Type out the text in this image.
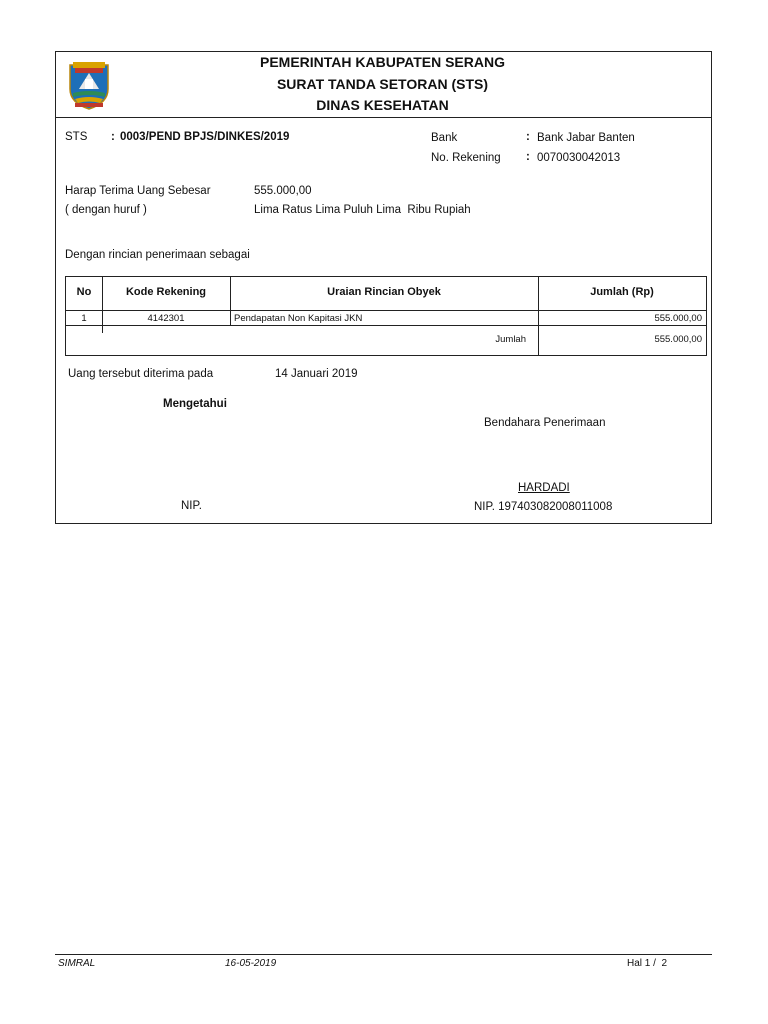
PEMERINTAH KABUPATEN SERANG
SURAT TANDA SETORAN (STS)
DINAS KESEHATAN
STS : 0003/PEND BPJS/DINKES/2019	Bank	: Bank Jabar Banten
No. Rekening : 0070030042013
Harap Terima Uang Sebesar	555.000,00
( dengan huruf )	Lima Ratus Lima Puluh Lima  Ribu Rupiah
Dengan rincian penerimaan sebagai
No	Kode Rekening	Uraian Rincian Obyek	Jumlah (Rp)
1	4142301	Pendapatan Non Kapitasi JKN	555.000,00
Jumlah	555.000,00
Uang tersebut diterima pada	14 Januari 2019
Mengetahui
NIP.
Bendahara Penerimaan
HARDADI
NIP. 197403082008011008
SIMRAL	16-05-2019	Hal 1 /  2
